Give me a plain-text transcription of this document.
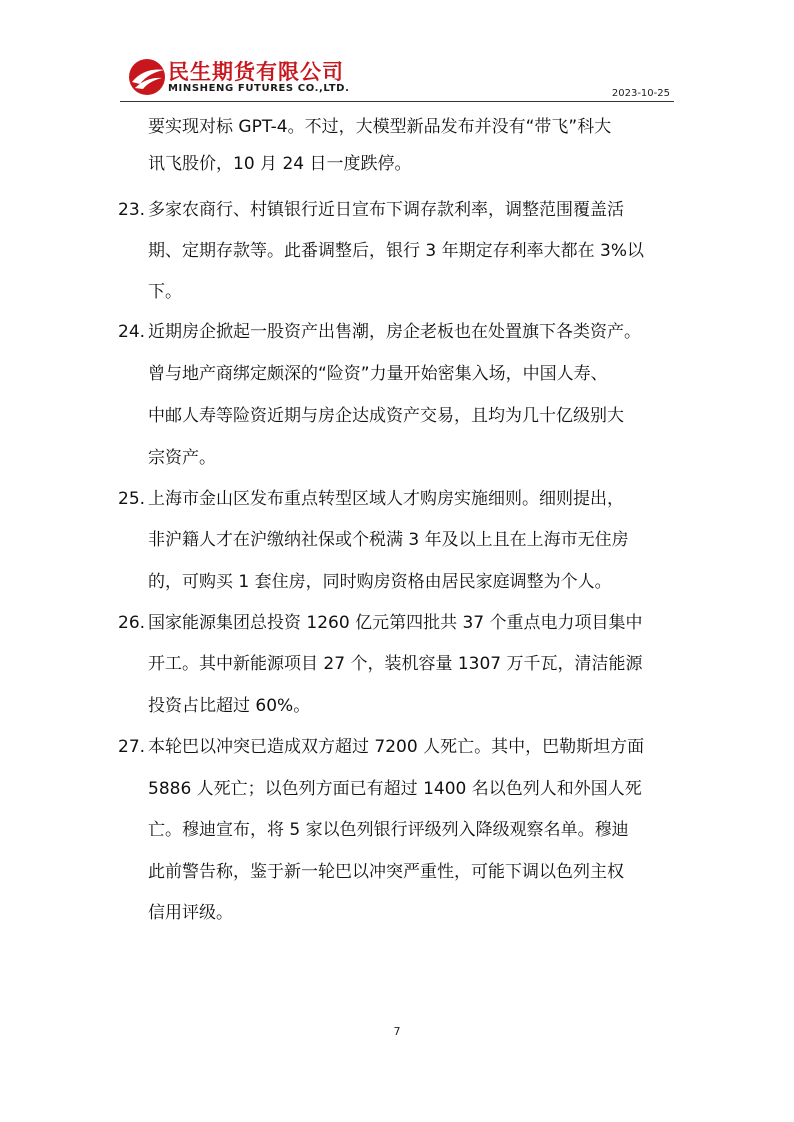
民生期货有限公司
MINSHENG FUTURES CO.,LTD.	2023-10-25
要实现对标 GPT-4。不过，大模型新品发布并没有“带飞”科大
讯飞股价，10 月 24 日一度跌停。
23. 多家农商行、村镇银行近日宣布下调存款利率，调整范围覆盖活
期、定期存款等。此番调整后，银行 3 年期定存利率大都在 3%以
下。
24. 近期房企掀起一股资产出售潮，房企老板也在处置旗下各类资产。
曾与地产商绑定颇深的“险资”力量开始密集入场，中国人寿、
中邮人寿等险资近期与房企达成资产交易，且均为几十亿级别大
宗资产。
25. 上海市金山区发布重点转型区域人才购房实施细则。细则提出，
非沪籍人才在沪缴纳社保或个税满 3 年及以上且在上海市无住房
的，可购买 1 套住房，同时购房资格由居民家庭调整为个人。
26. 国家能源集团总投资 1260 亿元第四批共 37 个重点电力项目集中
开工。其中新能源项目 27 个，装机容量 1307 万千瓦，清洁能源
投资占比超过 60%。
27. 本轮巴以冲突已造成双方超过 7200 人死亡。其中，巴勒斯坦方面
5886 人死亡；以色列方面已有超过 1400 名以色列人和外国人死
亡。穆迪宣布，将 5 家以色列银行评级列入降级观察名单。穆迪
此前警告称，鉴于新一轮巴以冲突严重性，可能下调以色列主权
信用评级。
7
